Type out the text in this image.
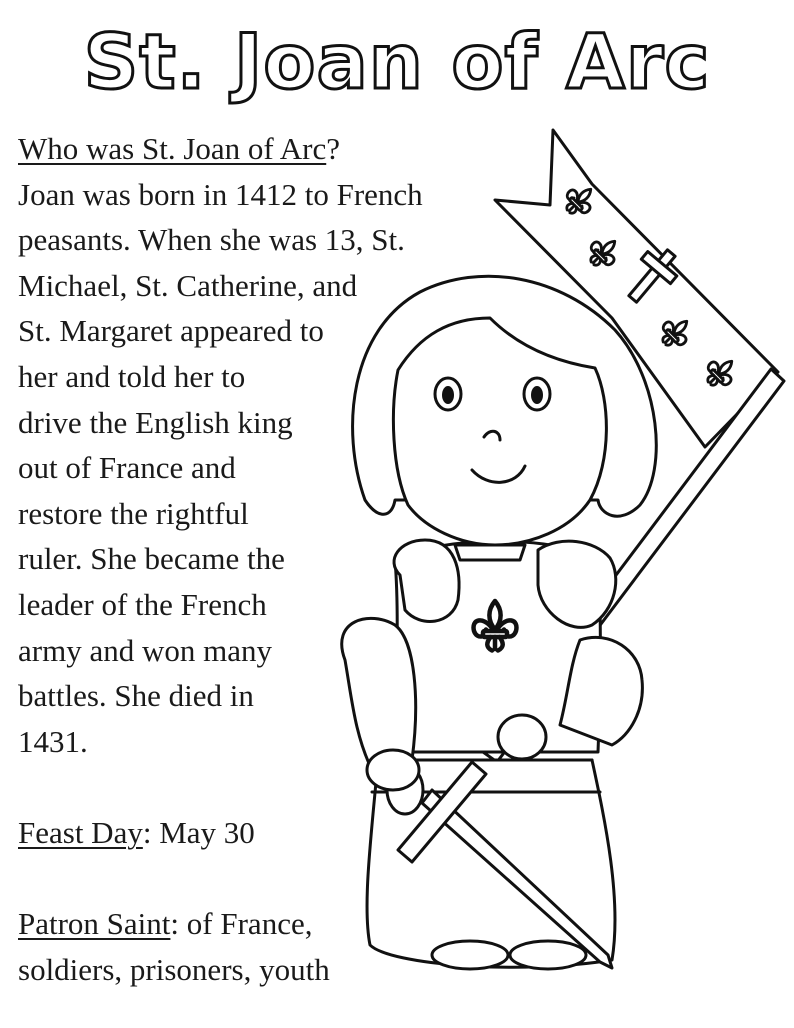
St. Joan of Arc

Who was St. Joan of Arc?

Joan was born in 1412 to French

peasants. When she was 13, St.

Michael, St. Catherine, and

St. Margaret appeared to

her and told her to

drive the English king

out of France and

restore the rightful

ruler. She became the

leader of the French

army and won many

battles. She died in

1431.

Feast Day: May 30

Patron Saint: of France,

soldiers, prisoners, youth
